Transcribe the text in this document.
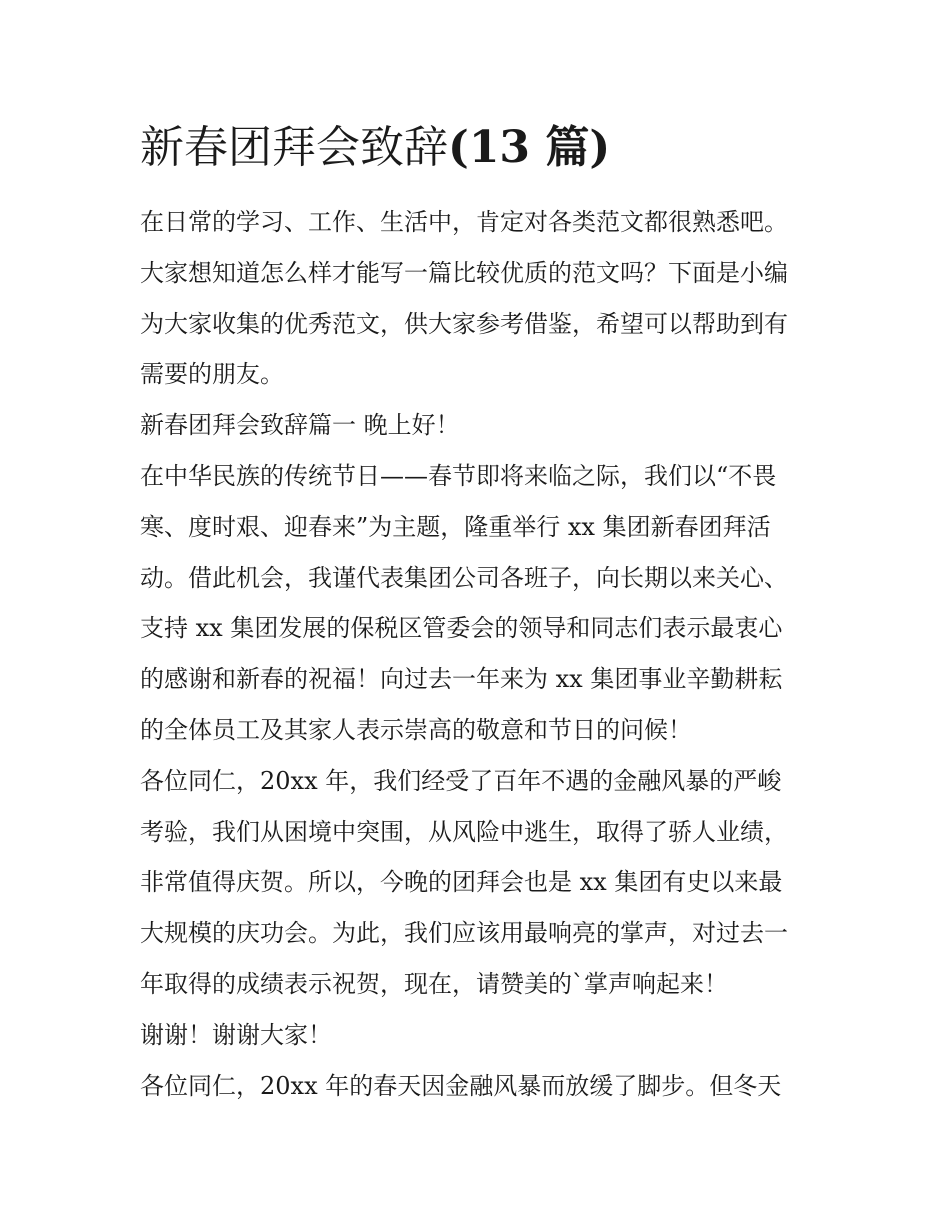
新春团拜会致辞(13 篇)
在日常的学习、工作、生活中，肯定对各类范文都很熟悉吧。
大家想知道怎么样才能写一篇比较优质的范文吗？下面是小编
为大家收集的优秀范文，供大家参考借鉴，希望可以帮助到有
需要的朋友。
新春团拜会致辞篇一 晚上好！
在中华民族的传统节日——春节即将来临之际，我们以“不畏
寒、度时艰、迎春来”为主题，隆重举行 xx 集团新春团拜活
动。借此机会，我谨代表集团公司各班子，向长期以来关心、
支持 xx 集团发展的保税区管委会的领导和同志们表示最衷心
的感谢和新春的祝福！向过去一年来为 xx 集团事业辛勤耕耘
的全体员工及其家人表示崇高的敬意和节日的问候！
各位同仁，20xx 年，我们经受了百年不遇的金融风暴的严峻
考验，我们从困境中突围，从风险中逃生，取得了骄人业绩，
非常值得庆贺。所以，今晚的团拜会也是 xx 集团有史以来最
大规模的庆功会。为此，我们应该用最响亮的掌声，对过去一
年取得的成绩表示祝贺，现在，请赞美的`掌声响起来！
谢谢！谢谢大家！
各位同仁，20xx 年的春天因金融风暴而放缓了脚步。但冬天
